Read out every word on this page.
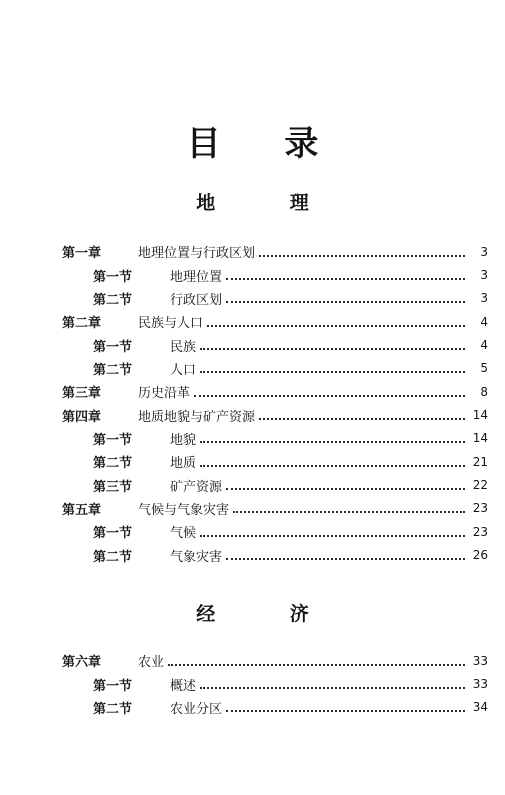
目 录
地 理
第一章	地理位置与行政区划	3
第一节	地理位置	3
第二节	行政区划	3
第二章	民族与人口	4
第一节	民族	4
第二节	人口	5
第三章	历史沿革	8
第四章	地质地貌与矿产资源	14
第一节	地貌	14
第二节	地质	21
第三节	矿产资源	22
第五章	气候与气象灾害	23
第一节	气候	23
第二节	气象灾害	26
经 济
第六章	农业	33
第一节	概述	33
第二节	农业分区	34
